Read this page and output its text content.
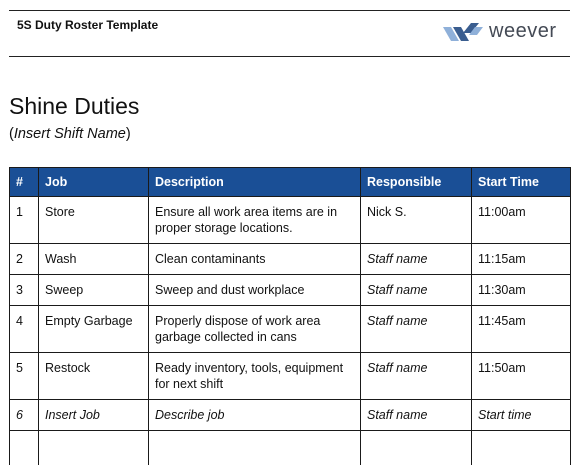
5S Duty Roster Template	weever
Shine Duties
(Insert Shift Name)
#	Job	Description	Responsible	Start Time
1	Store	Ensure all work area items are in proper storage locations.	Nick S.	11:00am
2	Wash	Clean contaminants	Staff name	11:15am
3	Sweep	Sweep and dust workplace	Staff name	11:30am
4	Empty Garbage	Properly dispose of work area garbage collected in cans	Staff name	11:45am
5	Restock	Ready inventory, tools, equipment for next shift	Staff name	11:50am
6	Insert Job	Describe job	Staff name	Start time
